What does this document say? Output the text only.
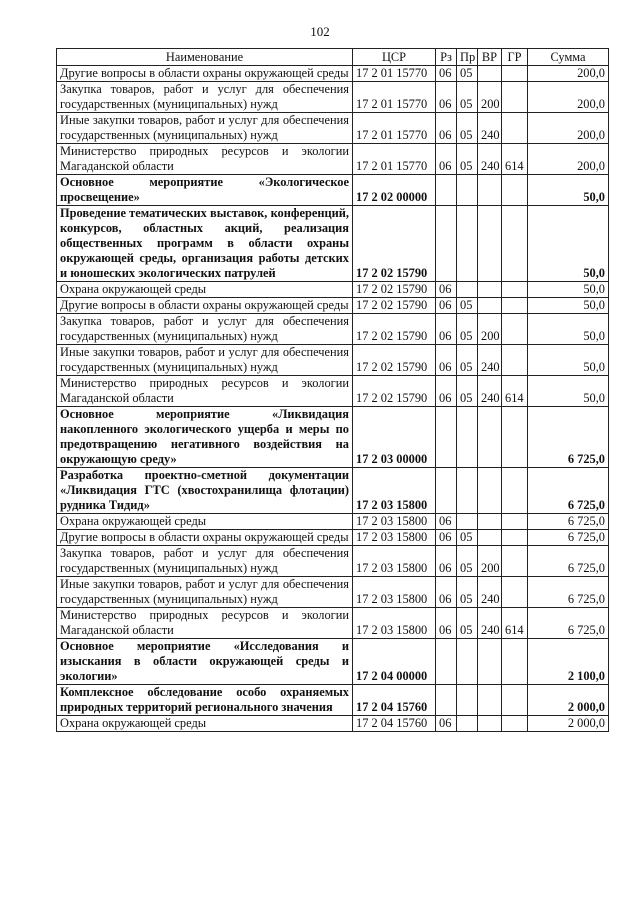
102
Наименование	ЦСР	Рз	Пр	ВР	ГР	Сумма
Другие вопросы в области охраны окружающей среды	17 2 01 15770	06	05			200,0
Закупка товаров, работ и услуг для обеспечения государственных (муниципальных) нужд	17 2 01 15770	06	05	200		200,0
Иные закупки товаров, работ и услуг для обеспечения государственных (муниципальных) нужд	17 2 01 15770	06	05	240		200,0
Министерство природных ресурсов и экологии Магаданской области	17 2 01 15770	06	05	240	614	200,0
Основное мероприятие «Экологическое просвещение»	17 2 02 00000					50,0
Проведение тематических выставок, конференций, конкурсов, областных акций, реализация общественных программ в области охраны окружающей среды, организация работы детских и юношеских экологических патрулей	17 2 02 15790					50,0
Охрана окружающей среды	17 2 02 15790	06				50,0
Другие вопросы в области охраны окружающей среды	17 2 02 15790	06	05			50,0
Закупка товаров, работ и услуг для обеспечения государственных (муниципальных) нужд	17 2 02 15790	06	05	200		50,0
Иные закупки товаров, работ и услуг для обеспечения государственных (муниципальных) нужд	17 2 02 15790	06	05	240		50,0
Министерство природных ресурсов и экологии Магаданской области	17 2 02 15790	06	05	240	614	50,0
Основное мероприятие «Ликвидация накопленного экологического ущерба и меры по предотвращению негативного воздействия на окружающую среду»	17 2 03 00000					6 725,0
Разработка проектно-сметной документации «Ликвидация ГТС (хвостохранилища флотации) рудника Тидид»	17 2 03 15800					6 725,0
Охрана окружающей среды	17 2 03 15800	06				6 725,0
Другие вопросы в области охраны окружающей среды	17 2 03 15800	06	05			6 725,0
Закупка товаров, работ и услуг для обеспечения государственных (муниципальных) нужд	17 2 03 15800	06	05	200		6 725,0
Иные закупки товаров, работ и услуг для обеспечения государственных (муниципальных) нужд	17 2 03 15800	06	05	240		6 725,0
Министерство природных ресурсов и экологии Магаданской области	17 2 03 15800	06	05	240	614	6 725,0
Основное мероприятие «Исследования и изыскания в области окружающей среды и экологии»	17 2 04 00000					2 100,0
Комплексное обследование особо охраняемых природных территорий регионального значения	17 2 04 15760					2 000,0
Охрана окружающей среды	17 2 04 15760	06				2 000,0
